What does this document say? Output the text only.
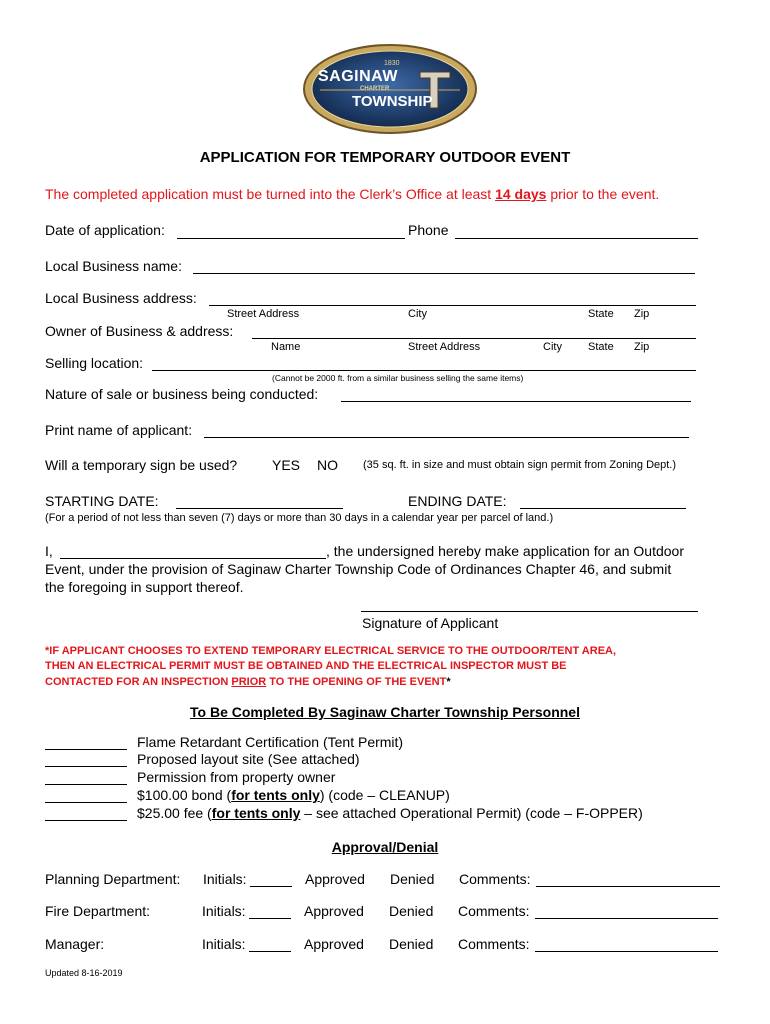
SAGINAW
1830
CHARTER
TOWNSHIP
APPLICATION FOR TEMPORARY OUTDOOR EVENT
The completed application must be turned into the Clerk’s Office at least 14 days prior to the event.
Date of application:	Phone
Local Business name:
Local Business address:
Street Address	City	State Zip
Owner of Business & address:
Name	Street Address	City State Zip
Selling location:
(Cannot be 2000 ft. from a similar business selling the same items)
Nature of sale or business being conducted:
Print name of applicant:
Will a temporary sign be used? YES NO (35 sq. ft. in size and must obtain sign permit from Zoning Dept.)
STARTING DATE:	ENDING DATE:
(For a period of not less than seven (7) days or more than 30 days in a calendar year per parcel of land.)
I,	, the undersigned hereby make application for an Outdoor
Event, under the provision of Saginaw Charter Township Code of Ordinances Chapter 46, and submit
the foregoing in support thereof.
Signature of Applicant
*IF APPLICANT CHOOSES TO EXTEND TEMPORARY ELECTRICAL SERVICE TO THE OUTDOOR/TENT AREA,
THEN AN ELECTRICAL PERMIT MUST BE OBTAINED AND THE ELECTRICAL INSPECTOR MUST BE
CONTACTED FOR AN INSPECTION PRIOR TO THE OPENING OF THE EVENT*
To Be Completed By Saginaw Charter Township Personnel
Flame Retardant Certification (Tent Permit)
Proposed layout site (See attached)
Permission from property owner
$100.00 bond (for tents only) (code – CLEANUP)
$25.00 fee (for tents only – see attached Operational Permit) (code – F-OPPER)
Approval/Denial
Planning Department: Initials:	Approved Denied Comments:
Fire Department:	Initials:	Approved Denied Comments:
Manager:	Initials:	Approved Denied Comments:
Updated 8-16-2019
